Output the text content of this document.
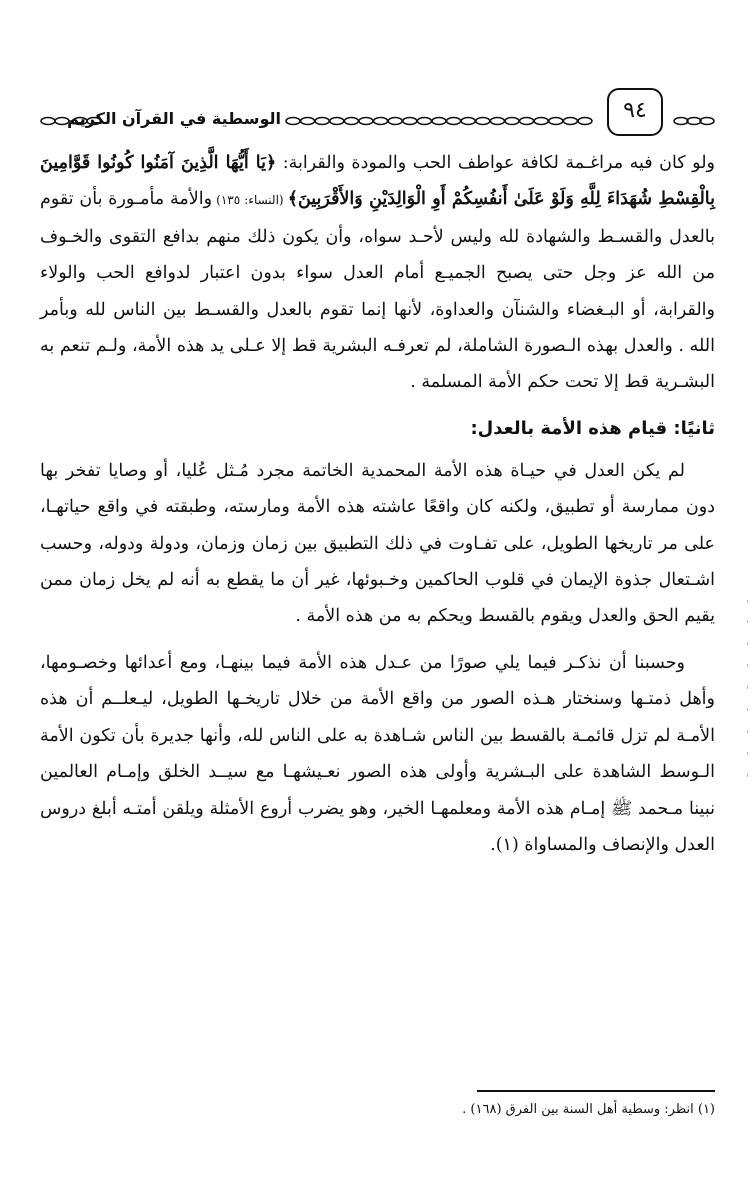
الوسطية في القرآن الكريم	٩٤

ولو كان فيه مراغـمة لكافة عواطف الحب والمودة والقرابة: ﴿يَا أَيُّهَا الَّذِينَ آمَنُوا كُونُوا قَوَّامِينَ بِالْقِسْطِ شُهَدَاءَ لِلَّهِ وَلَوْ عَلَىٰ أَنفُسِكُمْ أَوِ الْوَالِدَيْنِ وَالأَقْرَبِينَ﴾ (النساء: ١٣٥) والأمة مأمـورة بأن تقوم بالعدل والقسـط والشهادة لله وليس لأحـد سواه، وأن يكون ذلك منهم بدافع التقوى والخـوف من الله عز وجل حتى يصبح الجميـع أمام العدل سواء بدون اعتبار لدوافع الحب والولاء والقرابة، أو البـغضاء والشنآن والعداوة، لأنها إنما تقوم بالعدل والقسـط بين الناس لله وبأمر الله . والعدل بهذه الـصورة الشاملة، لم تعرفـه البشرية قط إلا عـلى يد هذه الأمة، ولـم تنعم به البشـرية قط إلا تحت حكم الأمة المسلمة .

ثانيًا: قيام هذه الأمة بالعدل:

لم يكن العدل في حيـاة هذه الأمة المحمدية الخاتمة مجرد مُـثل عُليا، أو وصايا تفخر بها دون ممارسة أو تطبيق، ولكنه كان واقعًا عاشته هذه الأمة ومارسته، وطبقته في واقع حياتهـا، على مر تاريخها الطويل، على تفـاوت في ذلك التطبيق بين زمان وزمان، ودولة ودوله، وحسب اشـتعال جذوة الإيمان في قلوب الحاكمين وخـبوئها، غير أن ما يقطع به أنه لم يخل زمان ممن يقيم الحق والعدل ويقوم بالقسط ويحكم به من هذه الأمة .

وحسبنا أن نذكـر فيما يلي صورًا من عـدل هذه الأمة فيما بينهـا، ومع أعدائها وخصـومها، وأهل ذمتـها وسنختار هـذه الصور من واقع الأمة من خلال تاريخـها الطويل، ليـعلــم أن هذه الأمـة لم تزل قائمـة بالقسط بين الناس شـاهدة به على الناس لله، وأنها جديرة بأن تكون الأمة الـوسط الشاهدة على البـشرية وأولى هذه الصور نعـيشهـا مع سيــد الخلق وإمـام العالمين نبينا مـحمد ﷺ إمـام هذه الأمة ومعلمهـا الخير، وهو يضرب أروع الأمثلة ويلقن أمتـه أبلغ دروس العدل والإنصاف والمساواة (١).

(١) انظر: وسطية أهل السنة بين الفرق (١٦٨) .
